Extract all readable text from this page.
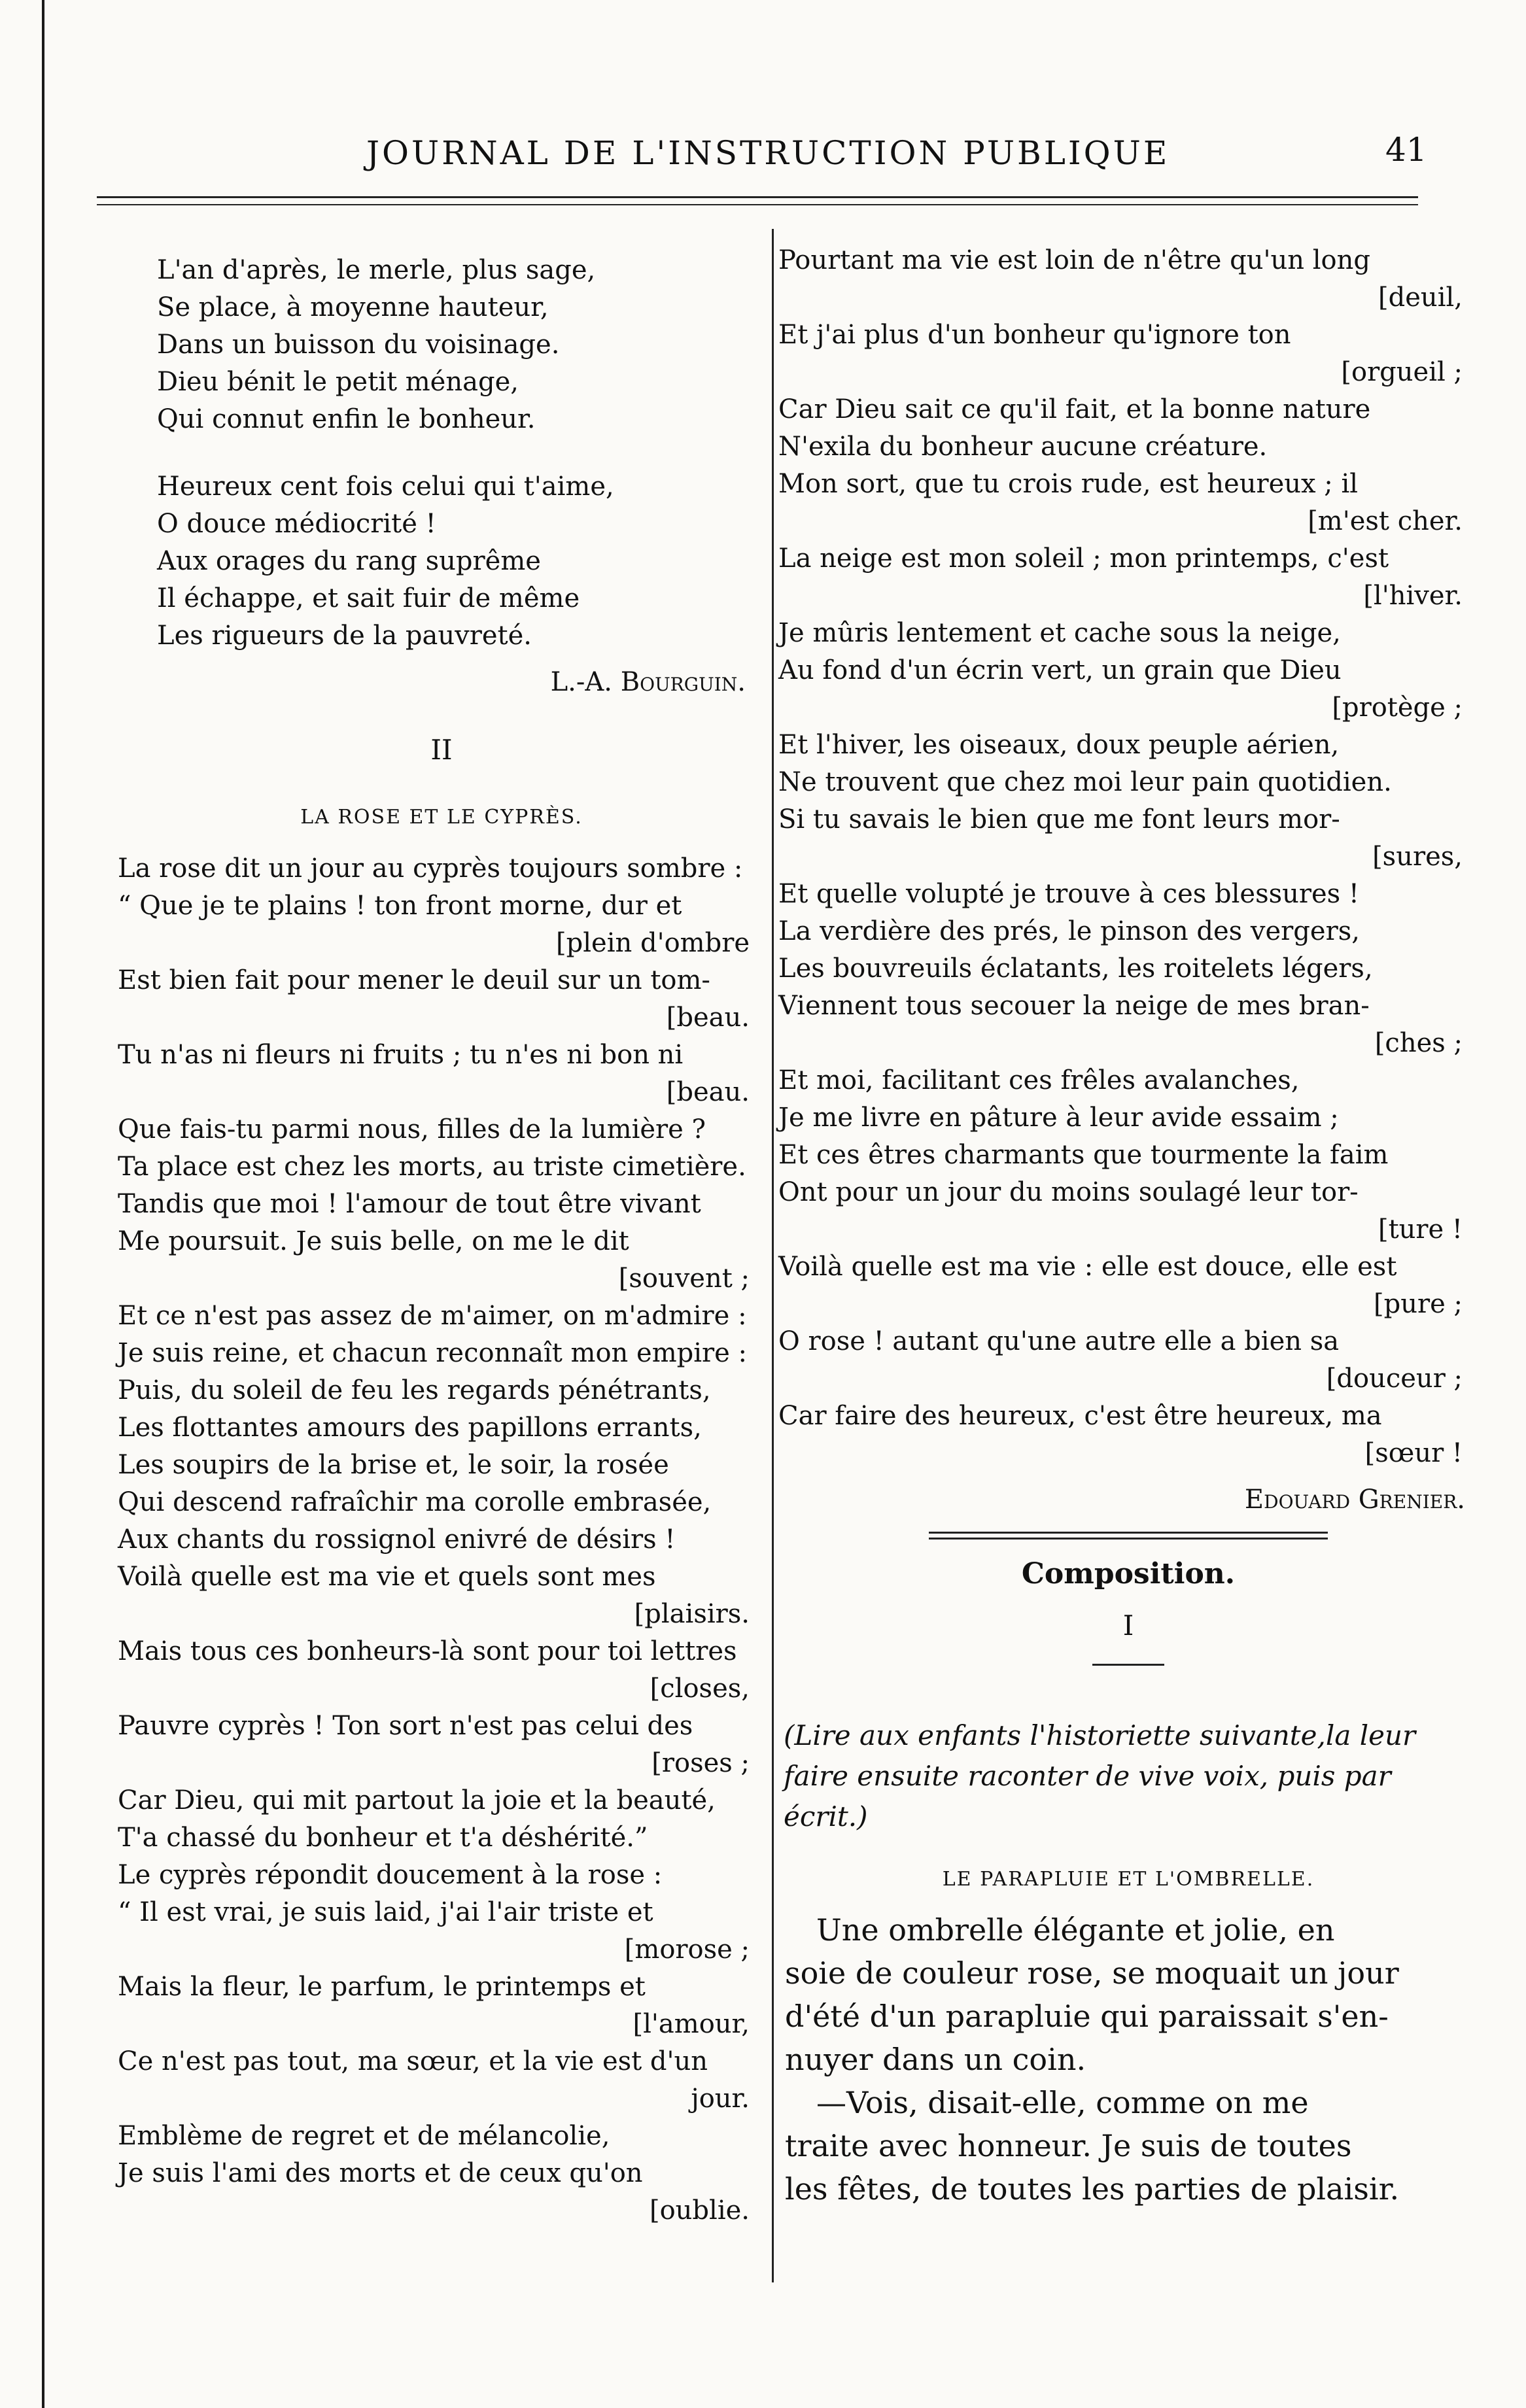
JOURNAL DE L'INSTRUCTION PUBLIQUE	41
L'an d'après, le merle, plus sage,
Se place, à moyenne hauteur,
Dans un buisson du voisinage.
Dieu bénit le petit ménage,
Qui connut enfin le bonheur.
Heureux cent fois celui qui t'aime,
O douce médiocrité !
Aux orages du rang suprême
Il échappe, et sait fuir de même
Les rigueurs de la pauvreté.
L.-A. Bourguin.
II
LA ROSE ET LE CYPRÈS.
La rose dit un jour au cyprès toujours sombre :
“ Que je te plains ! ton front morne, dur et
[plein d'ombre
Est bien fait pour mener le deuil sur un tom-
[beau.
Tu n'as ni fleurs ni fruits ; tu n'es ni bon ni
[beau.
Que fais-tu parmi nous, filles de la lumière ?
Ta place est chez les morts, au triste cimetière.
Tandis que moi ! l'amour de tout être vivant
Me poursuit. Je suis belle, on me le dit
[souvent ;
Et ce n'est pas assez de m'aimer, on m'admire :
Je suis reine, et chacun reconnaît mon empire :
Puis, du soleil de feu les regards pénétrants,
Les flottantes amours des papillons errants,
Les soupirs de la brise et, le soir, la rosée
Qui descend rafraîchir ma corolle embrasée,
Aux chants du rossignol enivré de désirs !
Voilà quelle est ma vie et quels sont mes
[plaisirs.
Mais tous ces bonheurs-là sont pour toi lettres
[closes,
Pauvre cyprès ! Ton sort n'est pas celui des
[roses ;
Car Dieu, qui mit partout la joie et la beauté,
T'a chassé du bonheur et t'a déshérité.”
Le cyprès répondit doucement à la rose :
“ Il est vrai, je suis laid, j'ai l'air triste et
[morose ;
Mais la fleur, le parfum, le printemps et
[l'amour,
Ce n'est pas tout, ma sœur, et la vie est d'un
jour.
Emblème de regret et de mélancolie,
Je suis l'ami des morts et de ceux qu'on
[oublie.
Pourtant ma vie est loin de n'être qu'un long
[deuil,
Et j'ai plus d'un bonheur qu'ignore ton
[orgueil ;
Car Dieu sait ce qu'il fait, et la bonne nature
N'exila du bonheur aucune créature.
Mon sort, que tu crois rude, est heureux ; il
[m'est cher.
La neige est mon soleil ; mon printemps, c'est
[l'hiver.
Je mûris lentement et cache sous la neige,
Au fond d'un écrin vert, un grain que Dieu
[protège ;
Et l'hiver, les oiseaux, doux peuple aérien,
Ne trouvent que chez moi leur pain quotidien.
Si tu savais le bien que me font leurs mor-
[sures,
Et quelle volupté je trouve à ces blessures !
La verdière des prés, le pinson des vergers,
Les bouvreuils éclatants, les roitelets légers,
Viennent tous secouer la neige de mes bran-
[ches ;
Et moi, facilitant ces frêles avalanches,
Je me livre en pâture à leur avide essaim ;
Et ces êtres charmants que tourmente la faim
Ont pour un jour du moins soulagé leur tor-
[ture !
Voilà quelle est ma vie : elle est douce, elle est
[pure ;
O rose ! autant qu'une autre elle a bien sa
[douceur ;
Car faire des heureux, c'est être heureux, ma
[sœur !
Edouard Grenier.
Composition.
I
(Lire aux enfants l'historiette suivante,la leur
faire ensuite raconter de vive voix, puis par
écrit.)
LE PARAPLUIE ET L'OMBRELLE.
Une ombrelle élégante et jolie, en
soie de couleur rose, se moquait un jour
d'été d'un parapluie qui paraissait s'en-
nuyer dans un coin.
—Vois, disait-elle, comme on me
traite avec honneur. Je suis de toutes
les fêtes, de toutes les parties de plaisir.
